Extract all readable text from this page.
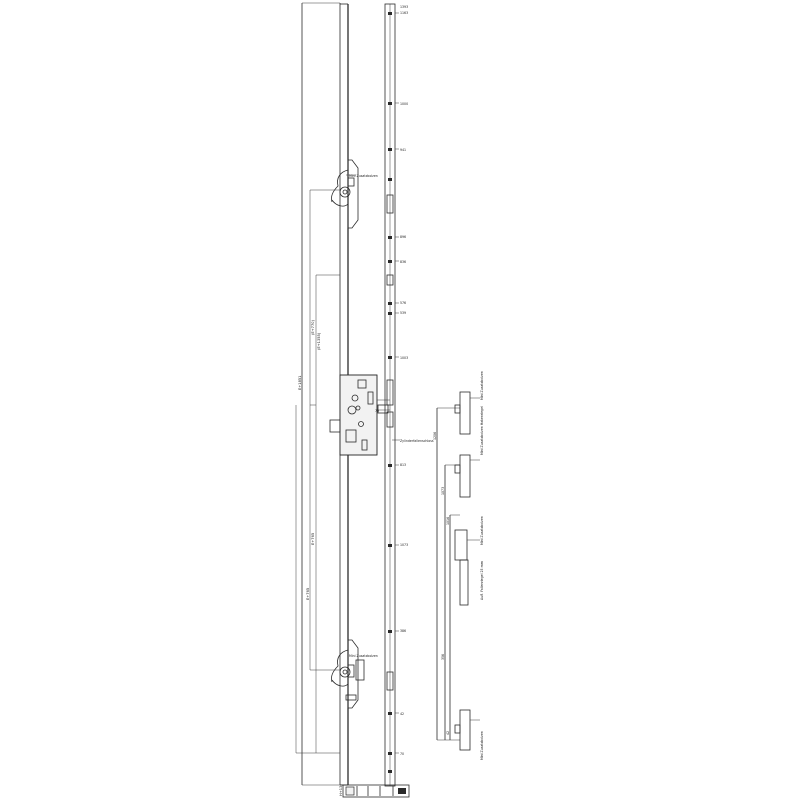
E+1851
(E+770)
(E+1355)
E+765
E+765
H+13
Mini Zusatzbolzen
70
Zylinderfallenschloss
Mini Zusatzbolzen
1393
1163
1000
941
896
836
576
539
1003
813
1073
386
42
70
Mini Zusatzbolzen
Mini Zusatzbolzen Hakenriegel
Mini Zusatzbolzen
Aufl. Fallenriegel 25 mm
Mini Zusatzbolzen
1206
1073
1016
356
42
